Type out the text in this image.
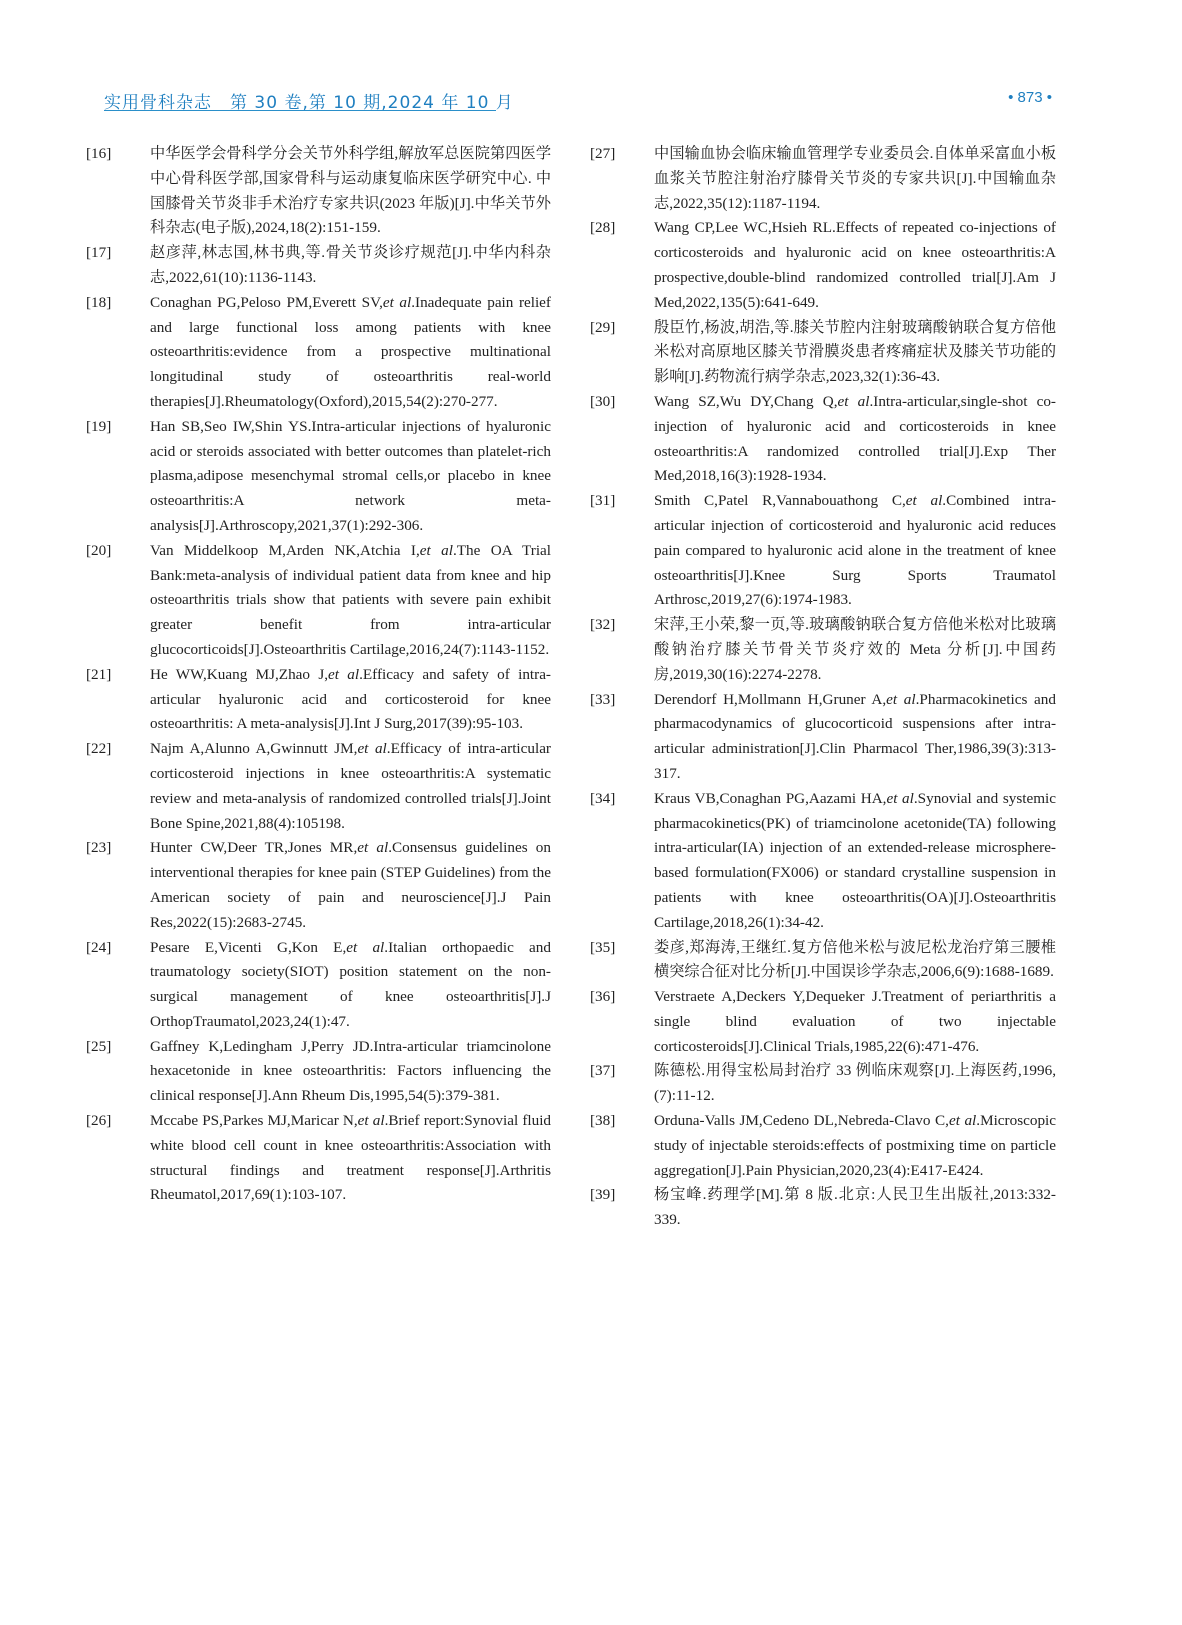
实用骨科杂志　第 30 卷,第 10 期,2024 年 10 月	• 873 •
[16]	中华医学会骨科学分会关节外科学组,解放军总医院第四医学中心骨科医学部,国家骨科与运动康复临床医学研究中心. 中国膝骨关节炎非手术治疗专家共识(2023 年版)[J].中华关节外科杂志(电子版),2024,18(2):151-159.
[17]	赵彦萍,林志国,林书典,等.骨关节炎诊疗规范[J].中华内科杂志,2022,61(10):1136-1143.
[18]	Conaghan PG,Peloso PM,Everett SV,et al.Inadequate pain relief and large functional loss among patients with knee osteoarthritis:evidence from a prospective multinational longitudinal study of osteoarthritis real-world therapies[J].Rheumatology(Oxford),2015,54(2):270-277.
[19]	Han SB,Seo IW,Shin YS.Intra-articular injections of hyaluronic acid or steroids associated with better outcomes than platelet-rich plasma,adipose mesenchymal stromal cells,or placebo in knee osteoarthritis:A network meta-analysis[J].Arthroscopy,2021,37(1):292-306.
[20]	Van Middelkoop M,Arden NK,Atchia I,et al.The OA Trial Bank:meta-analysis of individual patient data from knee and hip osteoarthritis trials show that patients with severe pain exhibit greater benefit from intra-articular glucocorticoids[J].Osteoarthritis Cartilage,2016,24(7):1143-1152.
[21]	He WW,Kuang MJ,Zhao J,et al.Efficacy and safety of intra-articular hyaluronic acid and corticosteroid for knee osteoarthritis: A meta-analysis[J].Int J Surg,2017(39):95-103.
[22]	Najm A,Alunno A,Gwinnutt JM,et al.Efficacy of intra-articular corticosteroid injections in knee osteoarthritis:A systematic review and meta-analysis of randomized controlled trials[J].Joint Bone Spine,2021,88(4):105198.
[23]	Hunter CW,Deer TR,Jones MR,et al.Consensus guidelines on interventional therapies for knee pain (STEP Guidelines) from the American society of pain and neuroscience[J].J Pain Res,2022(15):2683-2745.
[24]	Pesare E,Vicenti G,Kon E,et al.Italian orthopaedic and traumatology society(SIOT) position statement on the non-surgical management of knee osteoarthritis[J].J OrthopTraumatol,2023,24(1):47.
[25]	Gaffney K,Ledingham J,Perry JD.Intra-articular triamcinolone hexacetonide in knee osteoarthritis: Factors influencing the clinical response[J].Ann Rheum Dis,1995,54(5):379-381.
[26]	Mccabe PS,Parkes MJ,Maricar N,et al.Brief report:Synovial fluid white blood cell count in knee osteoarthritis:Association with structural findings and treatment response[J].Arthritis Rheumatol,2017,69(1):103-107.
[27]	中国输血协会临床输血管理学专业委员会.自体单采富血小板血浆关节腔注射治疗膝骨关节炎的专家共识[J].中国输血杂志,2022,35(12):1187-1194.
[28]	Wang CP,Lee WC,Hsieh RL.Effects of repeated co-injections of corticosteroids and hyaluronic acid on knee osteoarthritis:A prospective,double-blind randomized controlled trial[J].Am J Med,2022,135(5):641-649.
[29]	殷臣竹,杨波,胡浩,等.膝关节腔内注射玻璃酸钠联合复方倍他米松对高原地区膝关节滑膜炎患者疼痛症状及膝关节功能的影响[J].药物流行病学杂志,2023,32(1):36-43.
[30]	Wang SZ,Wu DY,Chang Q,et al.Intra-articular,single-shot co-injection of hyaluronic acid and corticosteroids in knee osteoarthritis:A randomized controlled trial[J].Exp Ther Med,2018,16(3):1928-1934.
[31]	Smith C,Patel R,Vannabouathong C,et al.Combined intra-articular injection of corticosteroid and hyaluronic acid reduces pain compared to hyaluronic acid alone in the treatment of knee osteoarthritis[J].Knee Surg Sports Traumatol Arthrosc,2019,27(6):1974-1983.
[32]	宋萍,王小荣,黎一页,等.玻璃酸钠联合复方倍他米松对比玻璃酸钠治疗膝关节骨关节炎疗效的 Meta 分析[J].中国药房,2019,30(16):2274-2278.
[33]	Derendorf H,Mollmann H,Gruner A,et al.Pharmacokinetics and pharmacodynamics of glucocorticoid suspensions after intra-articular administration[J].Clin Pharmacol Ther,1986,39(3):313-317.
[34]	Kraus VB,Conaghan PG,Aazami HA,et al.Synovial and systemic pharmacokinetics(PK) of triamcinolone acetonide(TA) following intra-articular(IA) injection of an extended-release microsphere-based formulation(FX006) or standard crystalline suspension in patients with knee osteoarthritis(OA)[J].Osteoarthritis Cartilage,2018,26(1):34-42.
[35]	娄彦,郑海涛,王继红.复方倍他米松与波尼松龙治疗第三腰椎横突综合征对比分析[J].中国误诊学杂志,2006,6(9):1688-1689.
[36]	Verstraete A,Deckers Y,Dequeker J.Treatment of periarthritis a single blind evaluation of two injectable corticosteroids[J].Clinical Trials,1985,22(6):471-476.
[37]	陈德松.用得宝松局封治疗 33 例临床观察[J].上海医药,1996,(7):11-12.
[38]	Orduna-Valls JM,Cedeno DL,Nebreda-Clavo C,et al.Microscopic study of injectable steroids:effects of postmixing time on particle aggregation[J].Pain Physician,2020,23(4):E417-E424.
[39]	杨宝峰.药理学[M].第 8 版.北京:人民卫生出版社,2013:332-339.
